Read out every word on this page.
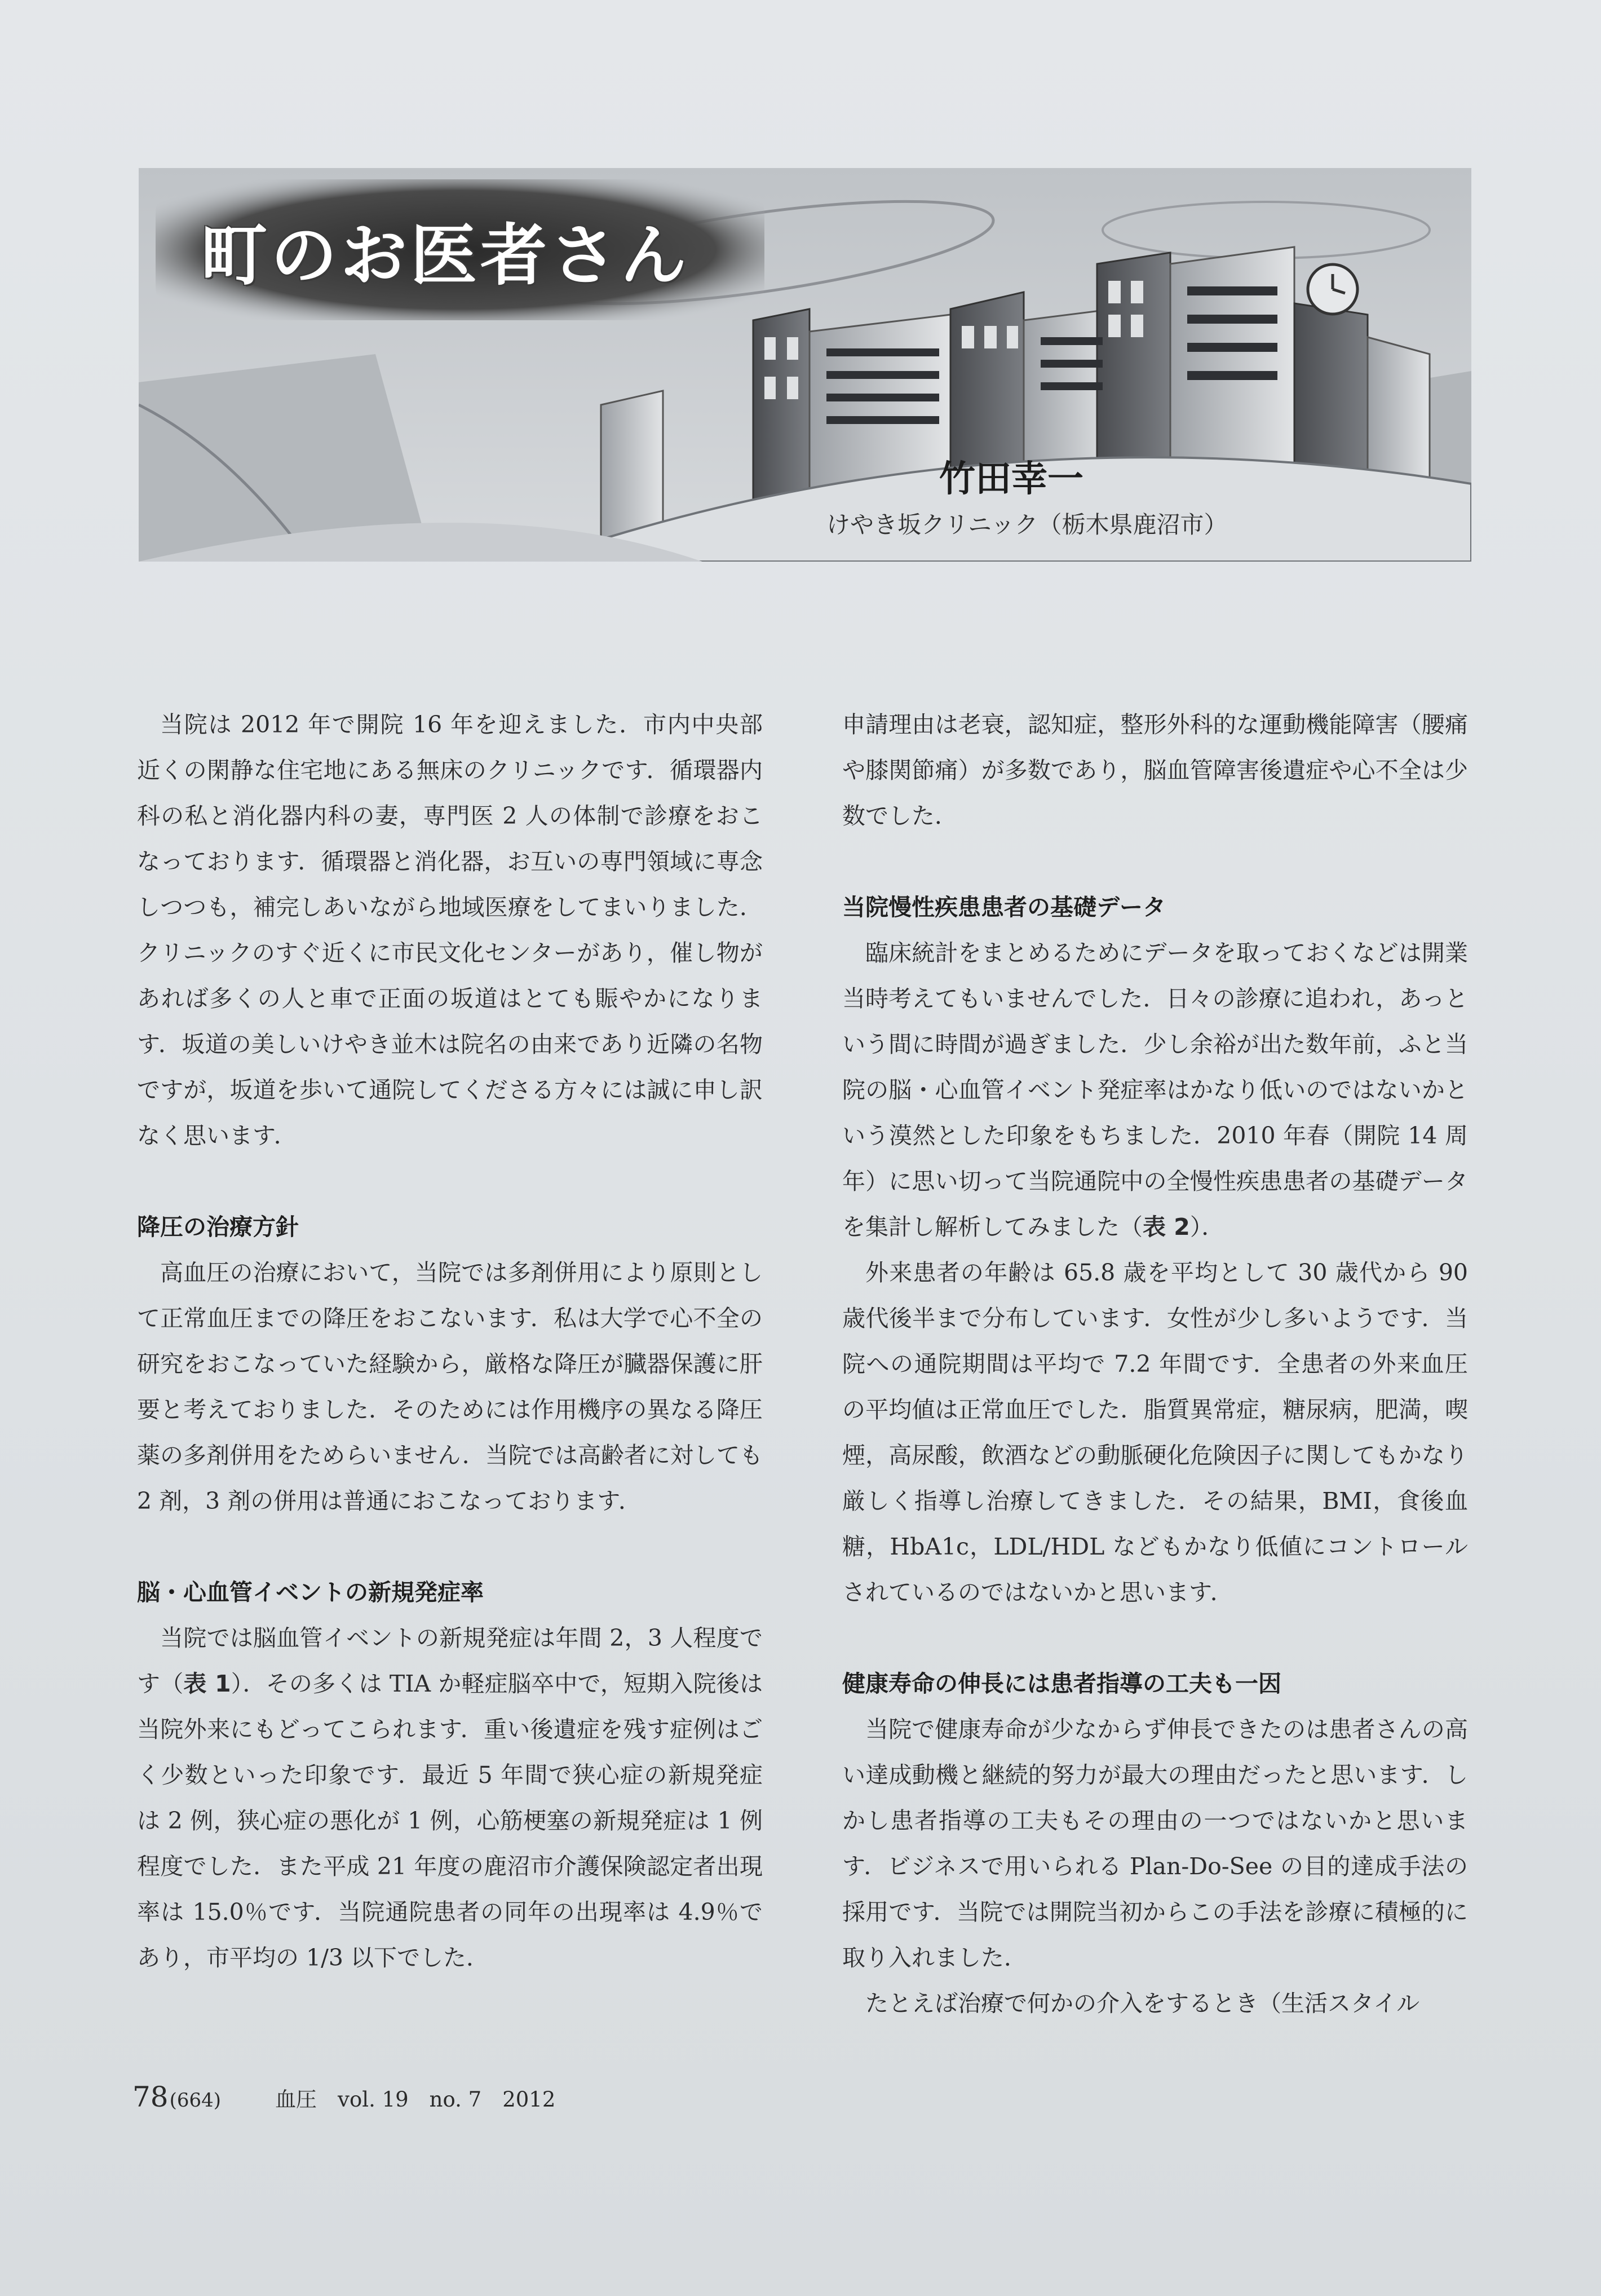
町のお医者さん
竹田幸一
けやき坂クリニック（栃木県鹿沼市）

当院は 2012 年で開院 16 年を迎えました．市内中央部近くの閑静な住宅地にある無床のクリニックです．循環器内科の私と消化器内科の妻，専門医 2 人の体制で診療をおこなっております．循環器と消化器，お互いの専門領域に専念しつつも，補完しあいながら地域医療をしてまいりました．クリニックのすぐ近くに市民文化センターがあり，催し物があれば多くの人と車で正面の坂道はとても賑やかになります．坂道の美しいけやき並木は院名の由来であり近隣の名物ですが，坂道を歩いて通院してくださる方々には誠に申し訳なく思います．

降圧の治療方針

高血圧の治療において，当院では多剤併用により原則として正常血圧までの降圧をおこないます．私は大学で心不全の研究をおこなっていた経験から，厳格な降圧が臓器保護に肝要と考えておりました．そのためには作用機序の異なる降圧薬の多剤併用をためらいません．当院では高齢者に対しても 2 剤，3 剤の併用は普通におこなっております．

脳・心血管イベントの新規発症率

当院では脳血管イベントの新規発症は年間 2，3 人程度です（表 1）．その多くは TIA か軽症脳卒中で，短期入院後は当院外来にもどってこられます．重い後遺症を残す症例はごく少数といった印象です．最近 5 年間で狭心症の新規発症は 2 例，狭心症の悪化が 1 例，心筋梗塞の新規発症は 1 例程度でした．また平成 21 年度の鹿沼市介護保険認定者出現率は 15.0％です．当院通院患者の同年の出現率は 4.9％であり，市平均の 1/3 以下でした．

申請理由は老衰，認知症，整形外科的な運動機能障害（腰痛や膝関節痛）が多数であり，脳血管障害後遺症や心不全は少数でした．

当院慢性疾患患者の基礎データ

臨床統計をまとめるためにデータを取っておくなどは開業当時考えてもいませんでした．日々の診療に追われ，あっという間に時間が過ぎました．少し余裕が出た数年前，ふと当院の脳・心血管イベント発症率はかなり低いのではないかという漠然とした印象をもちました．2010 年春（開院 14 周年）に思い切って当院通院中の全慢性疾患患者の基礎データを集計し解析してみました（表 2）．

外来患者の年齢は 65.8 歳を平均として 30 歳代から 90 歳代後半まで分布しています．女性が少し多いようです．当院への通院期間は平均で 7.2 年間です．全患者の外来血圧の平均値は正常血圧でした．脂質異常症，糖尿病，肥満，喫煙，高尿酸，飲酒などの動脈硬化危険因子に関してもかなり厳しく指導し治療してきました．その結果，BMI，食後血糖，HbA1c，LDL/HDL などもかなり低値にコントロールされているのではないかと思います．

健康寿命の伸長には患者指導の工夫も一因

当院で健康寿命が少なからず伸長できたのは患者さんの高い達成動機と継続的努力が最大の理由だったと思います．しかし患者指導の工夫もその理由の一つではないかと思います．ビジネスで用いられる Plan-Do-See の目的達成手法の採用です．当院では開院当初からこの手法を診療に積極的に取り入れました．

たとえば治療で何かの介入をするとき（生活スタイル

78(664)	血圧　vol. 19　no. 7　2012
